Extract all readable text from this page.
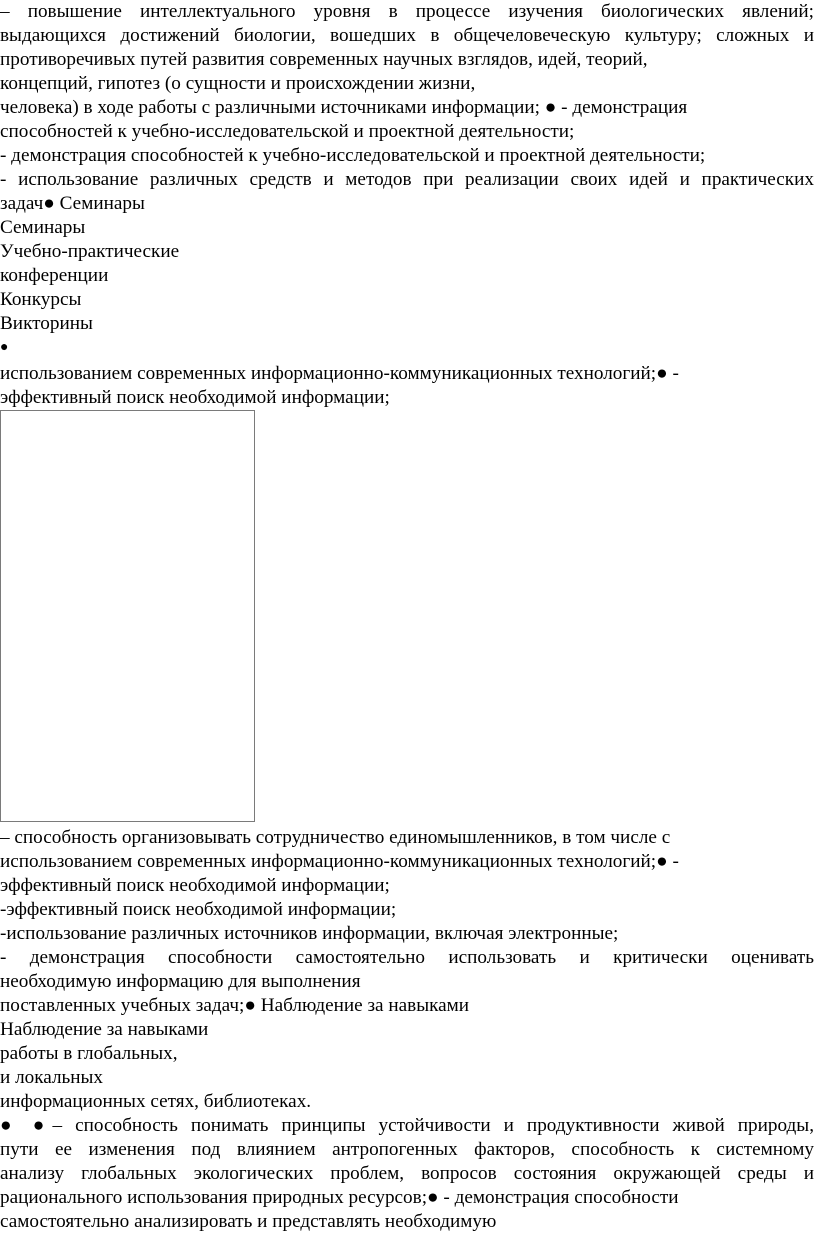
– повышение интеллектуального уровня в процессе изучения биологических явлений;
выдающихся достижений биологии, вошедших в общечеловеческую культуру; сложных и
противоречивых путей развития современных научных взглядов, идей, теорий,
концепций, гипотез (о сущности и происхождении жизни,
человека) в ходе работы с различными источниками информации; ● - демонстрация
способностей к учебно-исследовательской и проектной деятельности;
- демонстрация способностей к учебно-исследовательской и проектной деятельности;
- использование различных средств и методов при реализации своих идей и практических
задач● Семинары
Семинары
Учебно-практические
конференции
Конкурсы
Викторины
●
использованием современных информационно-коммуникационных технологий;● -
эффективный поиск необходимой информации;
– способность организовывать сотрудничество единомышленников, в том числе с
использованием современных информационно-коммуникационных технологий;● -
эффективный поиск необходимой информации;
-эффективный поиск необходимой информации;
-использование различных источников информации, включая электронные;
- демонстрация способности самостоятельно использовать и критически оценивать
необходимую информацию для выполнения
поставленных учебных задач;● Наблюдение за навыками
Наблюдение за навыками
работы в глобальных,
и локальных
информационных сетях, библиотеках.
● ●– способность понимать принципы устойчивости и продуктивности живой природы,
пути ее изменения под влиянием антропогенных факторов, способность к системному
анализу глобальных экологических проблем, вопросов состояния окружающей среды и
рационального использования природных ресурсов;● - демонстрация способности
самостоятельно анализировать и представлять необходимую
